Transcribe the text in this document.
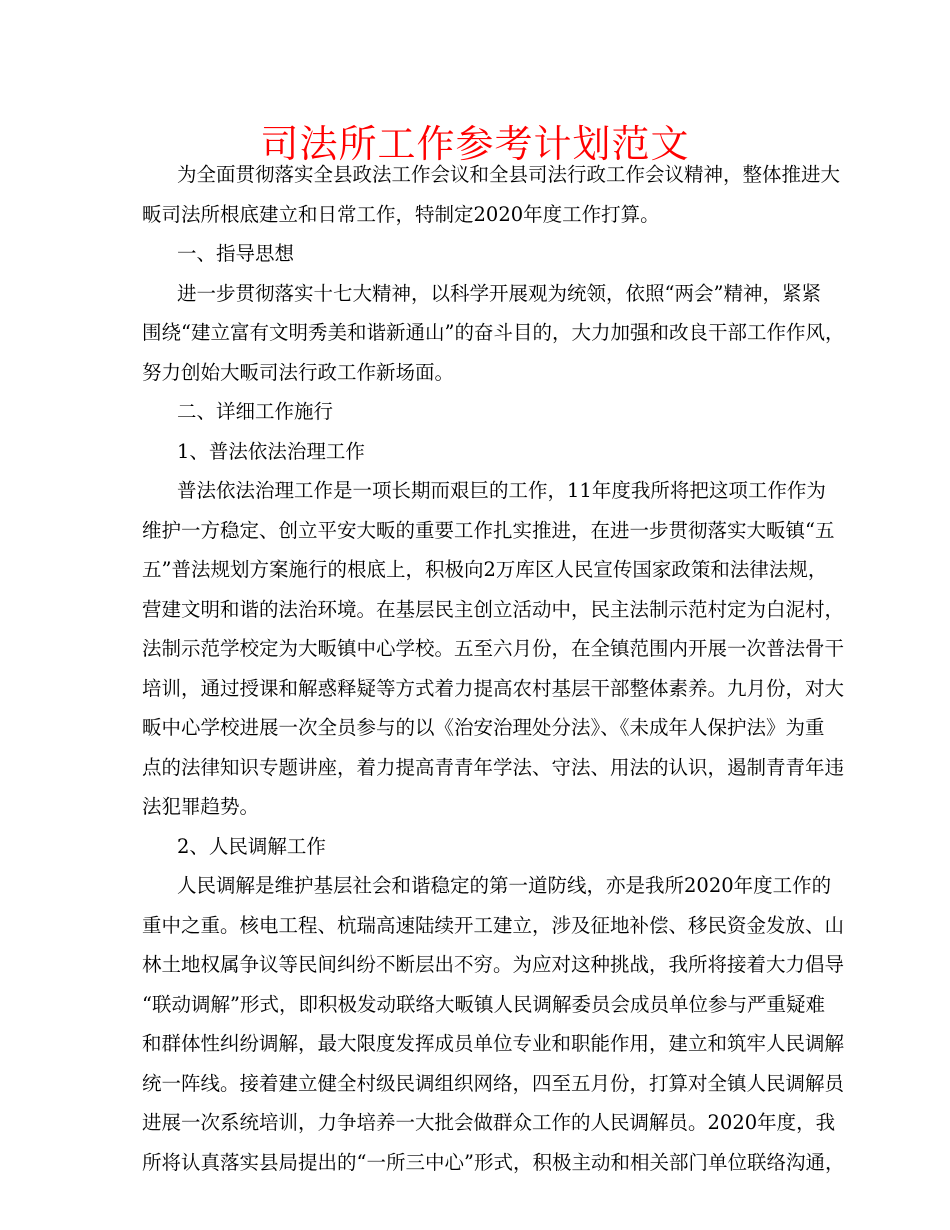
司法所工作参考计划范文
为全面贯彻落实全县政法工作会议和全县司法行政工作会议精神，整体推进大
畈司法所根底建立和日常工作，特制定2020年度工作打算。
一、指导思想
进一步贯彻落实十七大精神，以科学开展观为统领，依照“两会”精神，紧紧
围绕“建立富有文明秀美和谐新通山”的奋斗目的，大力加强和改良干部工作作风，
努力创始大畈司法行政工作新场面。
二、详细工作施行
1、普法依法治理工作
普法依法治理工作是一项长期而艰巨的工作，11年度我所将把这项工作作为
维护一方稳定、创立平安大畈的重要工作扎实推进，在进一步贯彻落实大畈镇“五
五”普法规划方案施行的根底上，积极向2万库区人民宣传国家政策和法律法规，
营建文明和谐的法治环境。在基层民主创立活动中，民主法制示范村定为白泥村，
法制示范学校定为大畈镇中心学校。五至六月份，在全镇范围内开展一次普法骨干
培训，通过授课和解惑释疑等方式着力提高农村基层干部整体素养。九月份，对大
畈中心学校进展一次全员参与的以《治安治理处分法》、《未成年人保护法》为重
点的法律知识专题讲座，着力提高青青年学法、守法、用法的认识，遏制青青年违
法犯罪趋势。
2、人民调解工作
人民调解是维护基层社会和谐稳定的第一道防线，亦是我所2020年度工作的
重中之重。核电工程、杭瑞高速陆续开工建立，涉及征地补偿、移民资金发放、山
林土地权属争议等民间纠纷不断层出不穷。为应对这种挑战，我所将接着大力倡导
“联动调解”形式，即积极发动联络大畈镇人民调解委员会成员单位参与严重疑难
和群体性纠纷调解，最大限度发挥成员单位专业和职能作用，建立和筑牢人民调解
统一阵线。接着建立健全村级民调组织网络，四至五月份，打算对全镇人民调解员
进展一次系统培训，力争培养一大批会做群众工作的人民调解员。2020年度，我
所将认真落实县局提出的“一所三中心”形式，积极主动和相关部门单位联络沟通，
